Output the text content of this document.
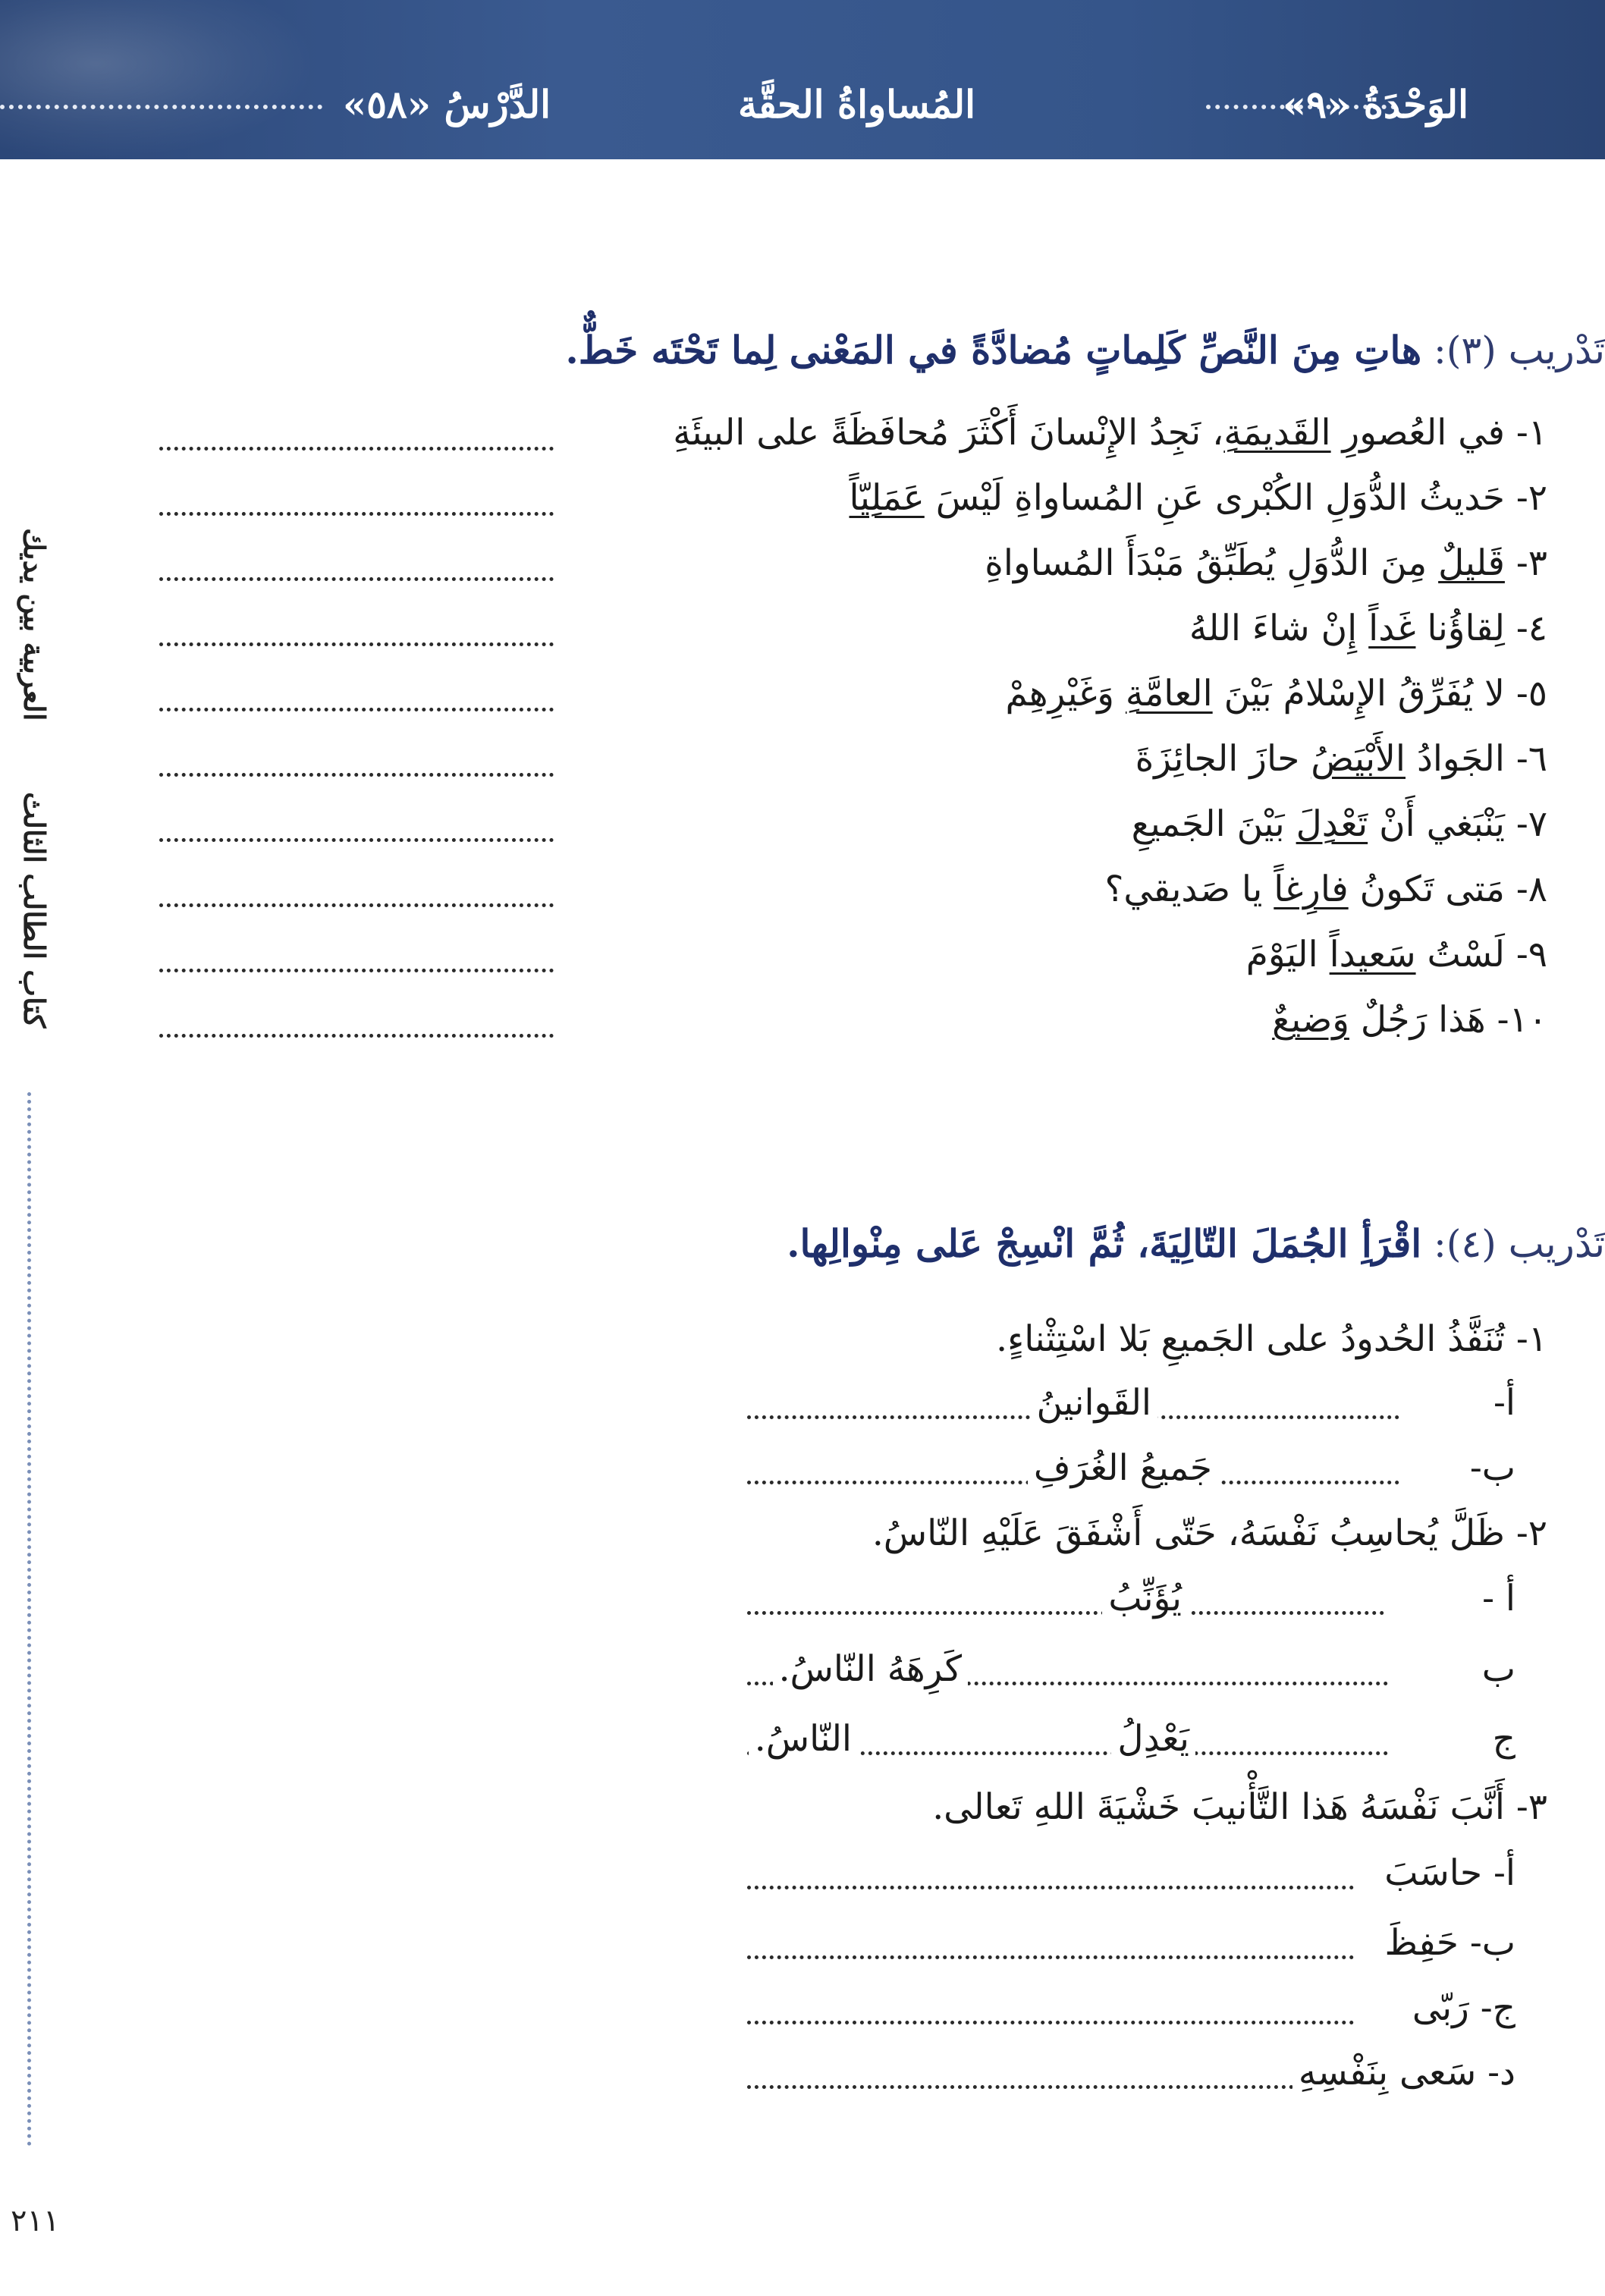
الوَحْدَةُ «٩»
المُساواةُ الحقَّة
الدَّرْسُ «٥٨»
العربية بين يديك
كتاب الطالب الثالث
٢١١
تَدْريب (٣): هاتِ مِنَ النَّصِّ كَلِماتٍ مُضادَّةً في المَعْنى لِما تَحْتَه خَطٌّ.
١- في العُصورِ القَديمَةِ، نَجِدُ الإِنْسانَ أَكْثَرَ مُحافَظَةً على البيئَةِ
٢- حَديثُ الدُّوَلِ الكُبْرى عَنِ المُساواةِ لَيْسَ عَمَلِيّاً
٣- قَليلٌ مِنَ الدُّوَلِ يُطَبِّقُ مَبْدَأَ المُساواةِ
٤- لِقاؤُنا غَداً إِنْ شاءَ اللهُ
٥- لا يُفَرِّقُ الإِسْلامُ بَيْنَ العامَّةِ وَغَيْرِهِمْ
٦- الجَوادُ الأَبْيَضُ حازَ الجائِزَةَ
٧- يَنْبَغي أَنْ تَعْدِلَ بَيْنَ الجَميعِ
٨- مَتى تَكونُ فارِغاً يا صَديقي؟
٩- لَسْتُ سَعيداً اليَوْمَ
١٠- هَذا رَجُلٌ وَضيعٌ
تَدْريب (٤): اقْرَأِ الجُمَلَ التّالِيَةَ، ثُمَّ انْسِجْ عَلى مِنْوالِها.
١- تُنَفَّذُ الحُدودُ على الجَميعِ بَلا اسْتِثْناءٍ.
أ-
القَوانينُ
ب-
جَميعُ الغُرَفِ
٢- ظَلَّ يُحاسِبُ نَفْسَهُ، حَتّى أَشْفَقَ عَلَيْهِ النّاسُ.
أ -
يُؤَنِّبُ
ب
كَرِهَهُ النّاسُ.
ج
يَعْدِلُ
النّاسُ.
٣- أَنَّبَ نَفْسَهُ هَذا التَّأْنيبَ خَشْيَةَ اللهِ تَعالى.
أ- حاسَبَ
ب- حَفِظَ
ج- رَبّى
د- سَعى بِنَفْسِهِ
